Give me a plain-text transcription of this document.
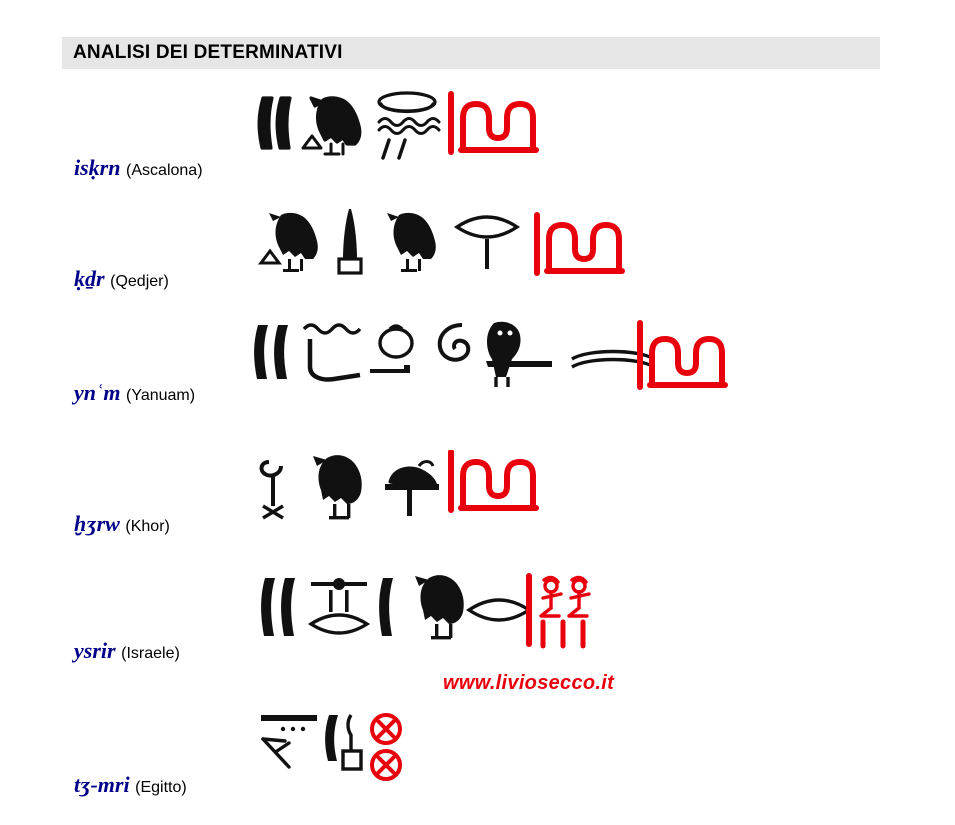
ANALISI DEI DETERMINATIVI
isḳrn (Ascalona)
ḳḏr (Qedjer)
ynʿm (Yanuam)
ḫʒrw (Khor)
ysrir (Israele)
www.liviosecco.it
tʒ-mri (Egitto)
